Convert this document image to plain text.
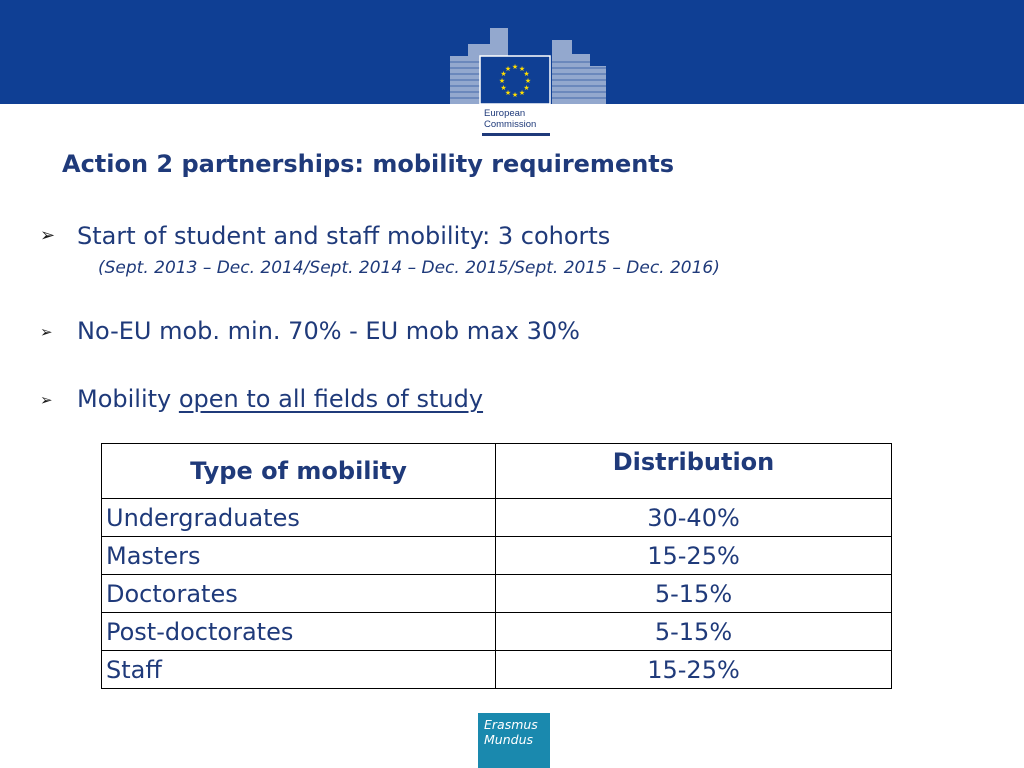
★ ★
★
★
★
★
★
★
★
★
★
★
European
Commission
Action 2 partnerships: mobility requirements
➢ Start of student and staff mobility: 3 cohorts
(Sept. 2013 – Dec. 2014/Sept. 2014 – Dec. 2015/Sept. 2015 – Dec. 2016)
➢ No-EU mob. min. 70% - EU mob max 30%
➢ Mobility open to all fields of study
Type of mobility	Distribution
Undergraduates	30-40%
Masters	15-25%
Doctorates	5-15%
Post-doctorates	5-15%
Staff	15-25%
Erasmus
Mundus
